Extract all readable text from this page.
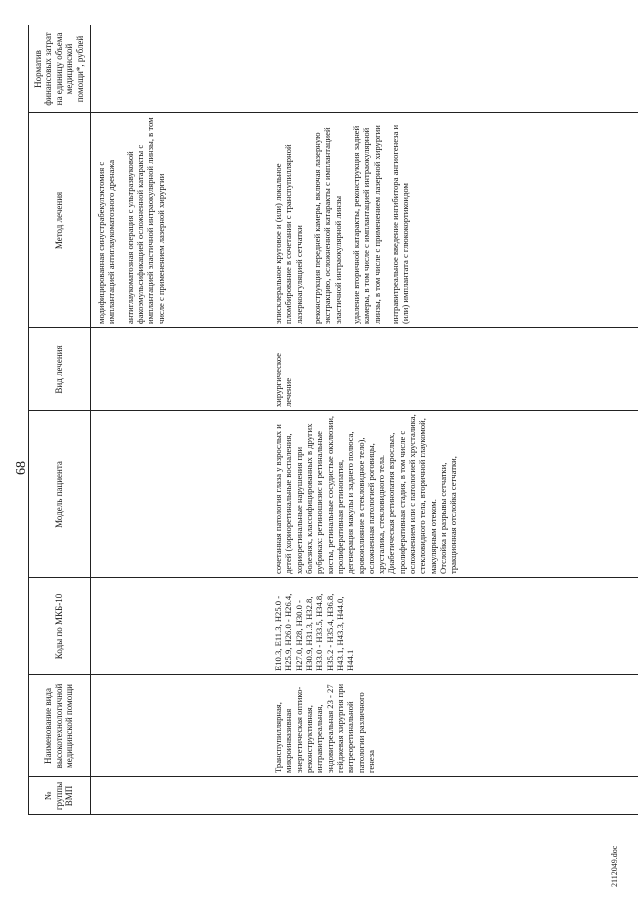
68
2112049.doc
№ группы ВМП
Наименование вида высокотехнологичной медицинской помощи
Коды по МКБ-10
Модель пациента
Вид лечения
Метод лечения
Норматив финансовых затрат на единицу объема медицинской помощи*, рублей
модифицированная синустрабекулэктомия с имплантацией антиглаукоматозного дренажа антиглаукоматозная операция с ультразвуковой факоэмульсификацией осложненной катаракты с имплантацией эластичной интраокулярной линзы, в том числе с применением лазерной хирургии
Транспупиллярная, микроинвазивная энергетическая оптико-реконструктивная, интравитреальная, эндовитреальная 23 - 27 гейджевая хирургия при витреоретинальной патологии различного генеза
E10.3, E11.3, H25.0 - H25.9, H26.0 - H26.4, H27.0, H28, H30.0 - H30.9, H31.3, H32.8, H33.0 - H33.5, H34.8, H35.2 - H35.4, H36.8, H43.1, H43.3, H44.0, H44.1
сочетанная патология глаза у взрослых и детей (хориоретинальные воспаления, хориоретинальные нарушения при болезнях, классифицированных в других рубриках: ретиношизис и ретинальные кисты, ретинальные сосудистые окклюзии, пролиферативная ретинопатия, дегенерация макулы и заднего полюса, кровоизлияние в стекловидное тело), осложненная патологией роговицы, хрусталика, стекловидного тела. Диабетическая ретинопатия взрослых, пролиферативная стадия, в том числе с осложнением или с патологией хрусталика, стекловидного тела, вторичной глаукомой, макулярным отеком. Отслойка и разрывы сетчатки, тракционная отслойка сетчатки,
хирургическое лечение
эписклеральное круговое и (или) локальное пломбирование в сочетании с транспупиллярной лазеркоагуляцией сетчатки реконструкция передней камеры, включая лазерную экстракцию, осложненной катаракты с имплантацией эластичной интраокулярной линзы удаление вторичной катаракты, реконструкция задней камеры, в том числе с имплантацией интраокулярной линзы, в том числе с применением лазерной хирургии интравитреальное введение ингибитора ангиогенеза и (или) имплантата с глюкокортикоидом
